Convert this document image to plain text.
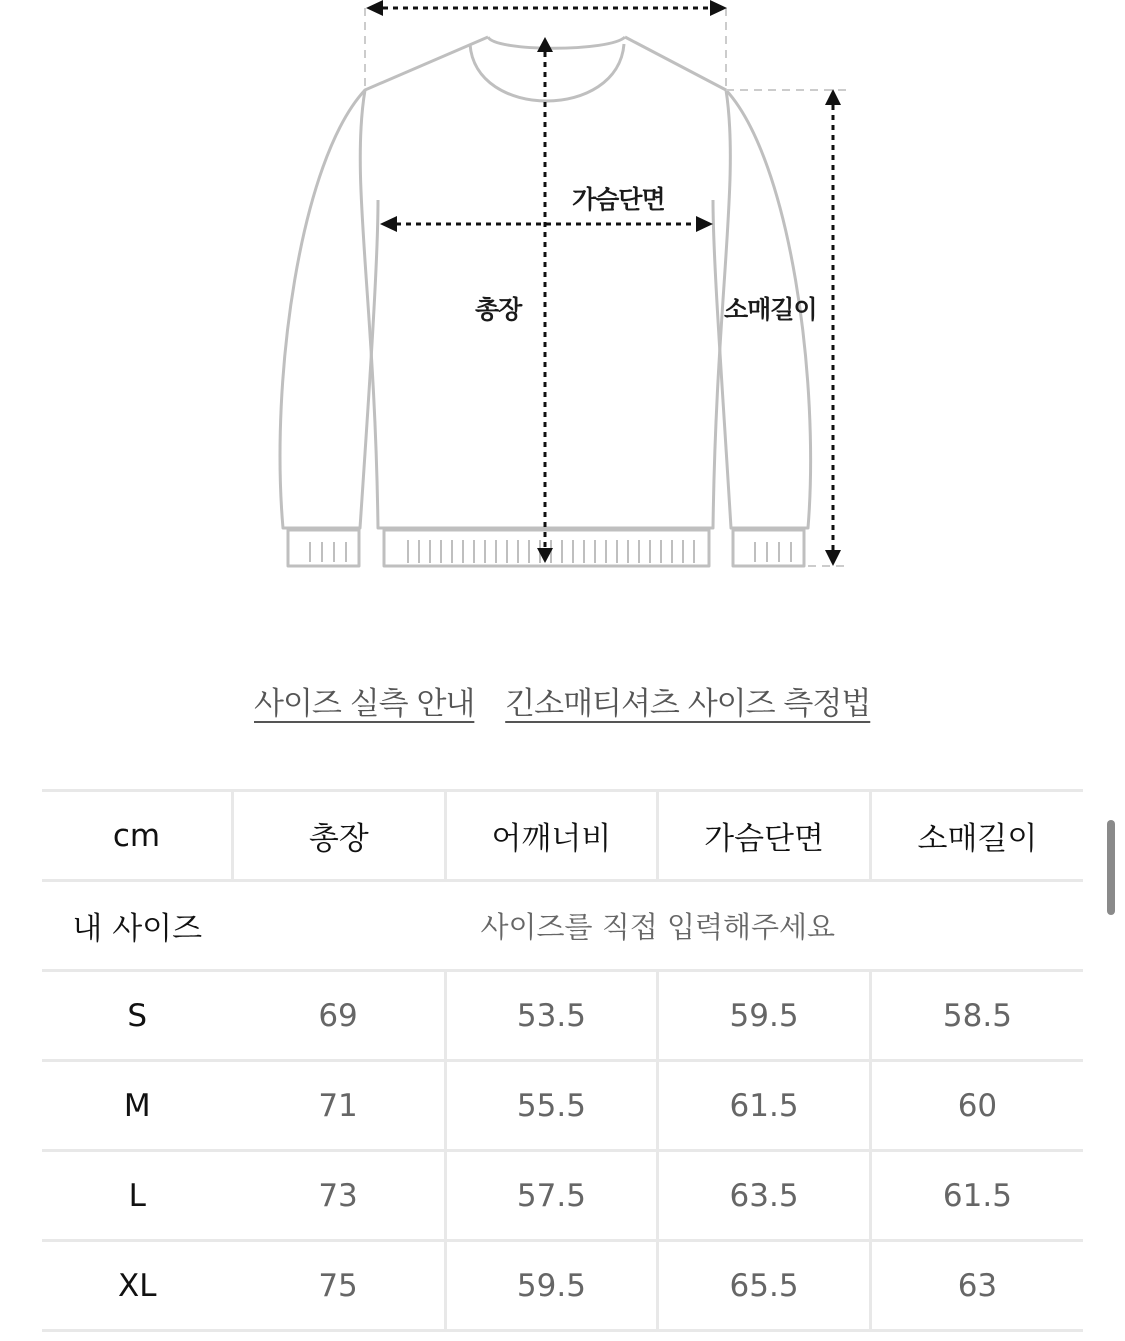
가슴단면
총장	소매길이
사이즈 실측 안내 긴소매티셔츠 사이즈 측정법
cm	총장	어깨너비	가슴단면	소매길이
내 사이즈	사이즈를 직접 입력해주세요			
S	69	53.5	59.5	58.5
M	71	55.5	61.5	60
L	73	57.5	63.5	61.5
XL	75	59.5	65.5	63
